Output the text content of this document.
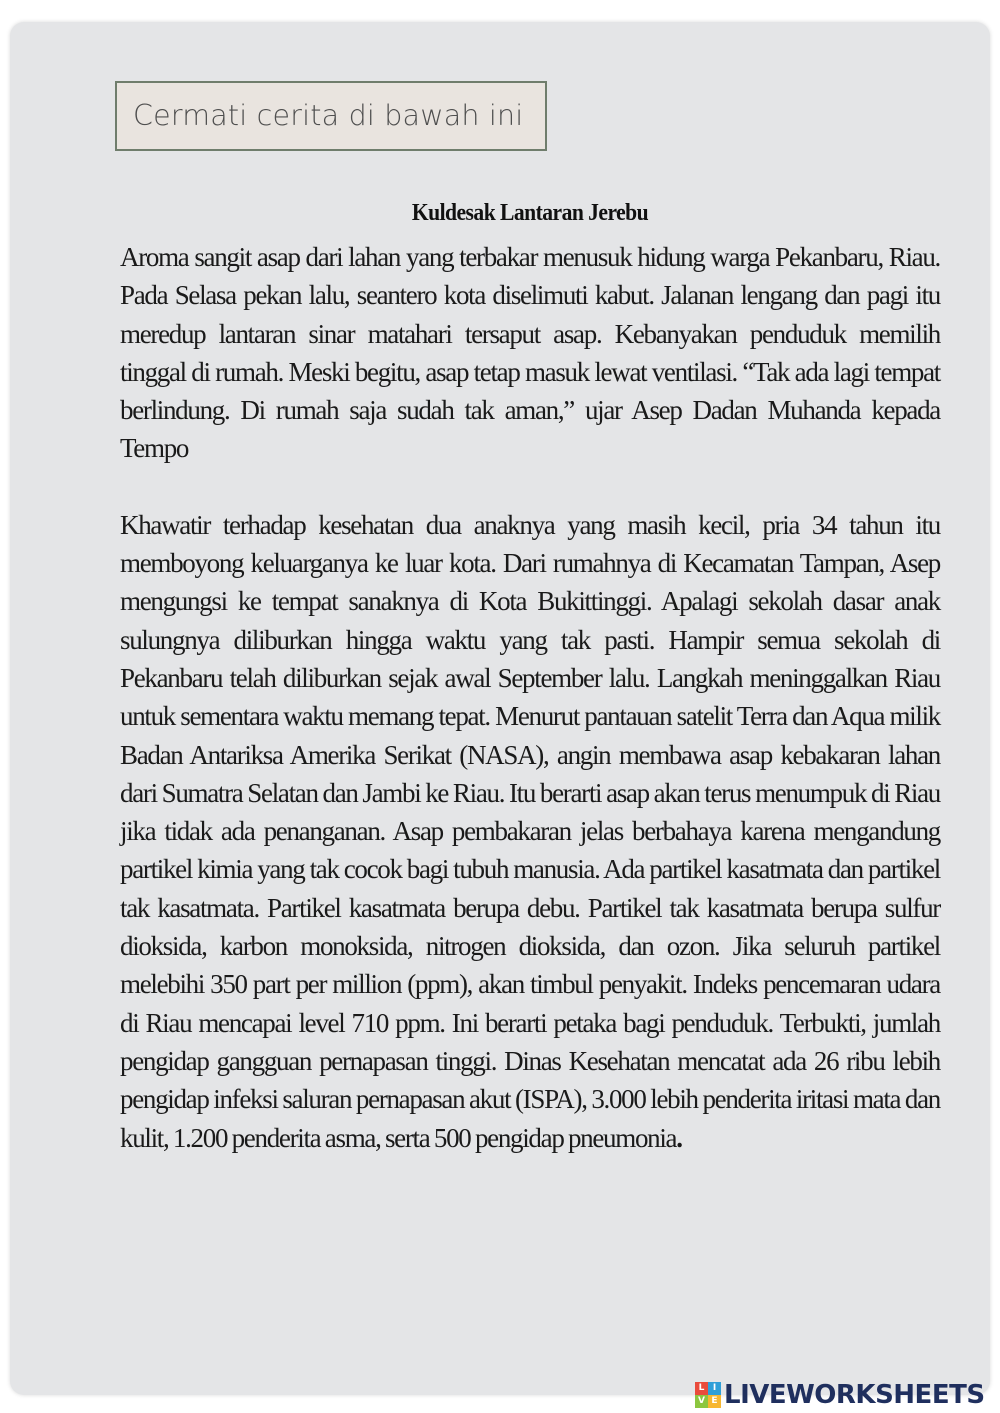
Cermati cerita di bawah ini
Kuldesak Lantaran Jerebu

Aroma sangit asap dari lahan yang terbakar menusuk hidung warga Pekanbaru, Riau. Pada Selasa pekan lalu, seantero kota diselimuti kabut. Jalanan lengang dan pagi itu meredup lantaran sinar matahari tersaput asap. Kebanyakan penduduk memilih tinggal di rumah. Meski begitu, asap tetap masuk lewat ventilasi. “Tak ada lagi tempat berlindung. Di rumah saja sudah tak aman,” ujar Asep Dadan Muhanda kepada Tempo

Khawatir terhadap kesehatan dua anaknya yang masih kecil, pria 34 tahun itu memboyong keluarganya ke luar kota. Dari rumahnya di Kecamatan Tampan, Asep mengungsi ke tempat sanaknya di Kota Bukittinggi. Apalagi sekolah dasar anak sulungnya diliburkan hingga waktu yang tak pasti. Hampir semua sekolah di Pekanbaru telah diliburkan sejak awal September lalu. Langkah meninggalkan Riau untuk sementara waktu memang tepat. Menurut pantauan satelit Terra dan Aqua milik Badan Antariksa Amerika Serikat (NASA), angin membawa asap kebakaran lahan dari Sumatra Selatan dan Jambi ke Riau. Itu berarti asap akan terus menumpuk di Riau jika tidak ada penanganan. Asap pembakaran jelas berbahaya karena mengandung partikel kimia yang tak cocok bagi tubuh manusia. Ada partikel kasatmata dan partikel tak kasatmata. Partikel kasatmata berupa debu. Partikel tak kasatmata berupa sulfur dioksida, karbon monoksida, nitrogen dioksida, dan ozon. Jika seluruh partikel melebihi 350 part per million (ppm), akan timbul penyakit. Indeks pencemaran udara di Riau mencapai level 710 ppm. Ini berarti petaka bagi penduduk. Terbukti, jumlah pengidap gangguan pernapasan tinggi. Dinas Kesehatan mencatat ada 26 ribu lebih pengidap infeksi saluran pernapasan akut (ISPA), 3.000 lebih penderita iritasi mata dan kulit, 1.200 penderita asma, serta 500 pengidap pneumonia.

L I
V E LIVEWORKSHEETS
